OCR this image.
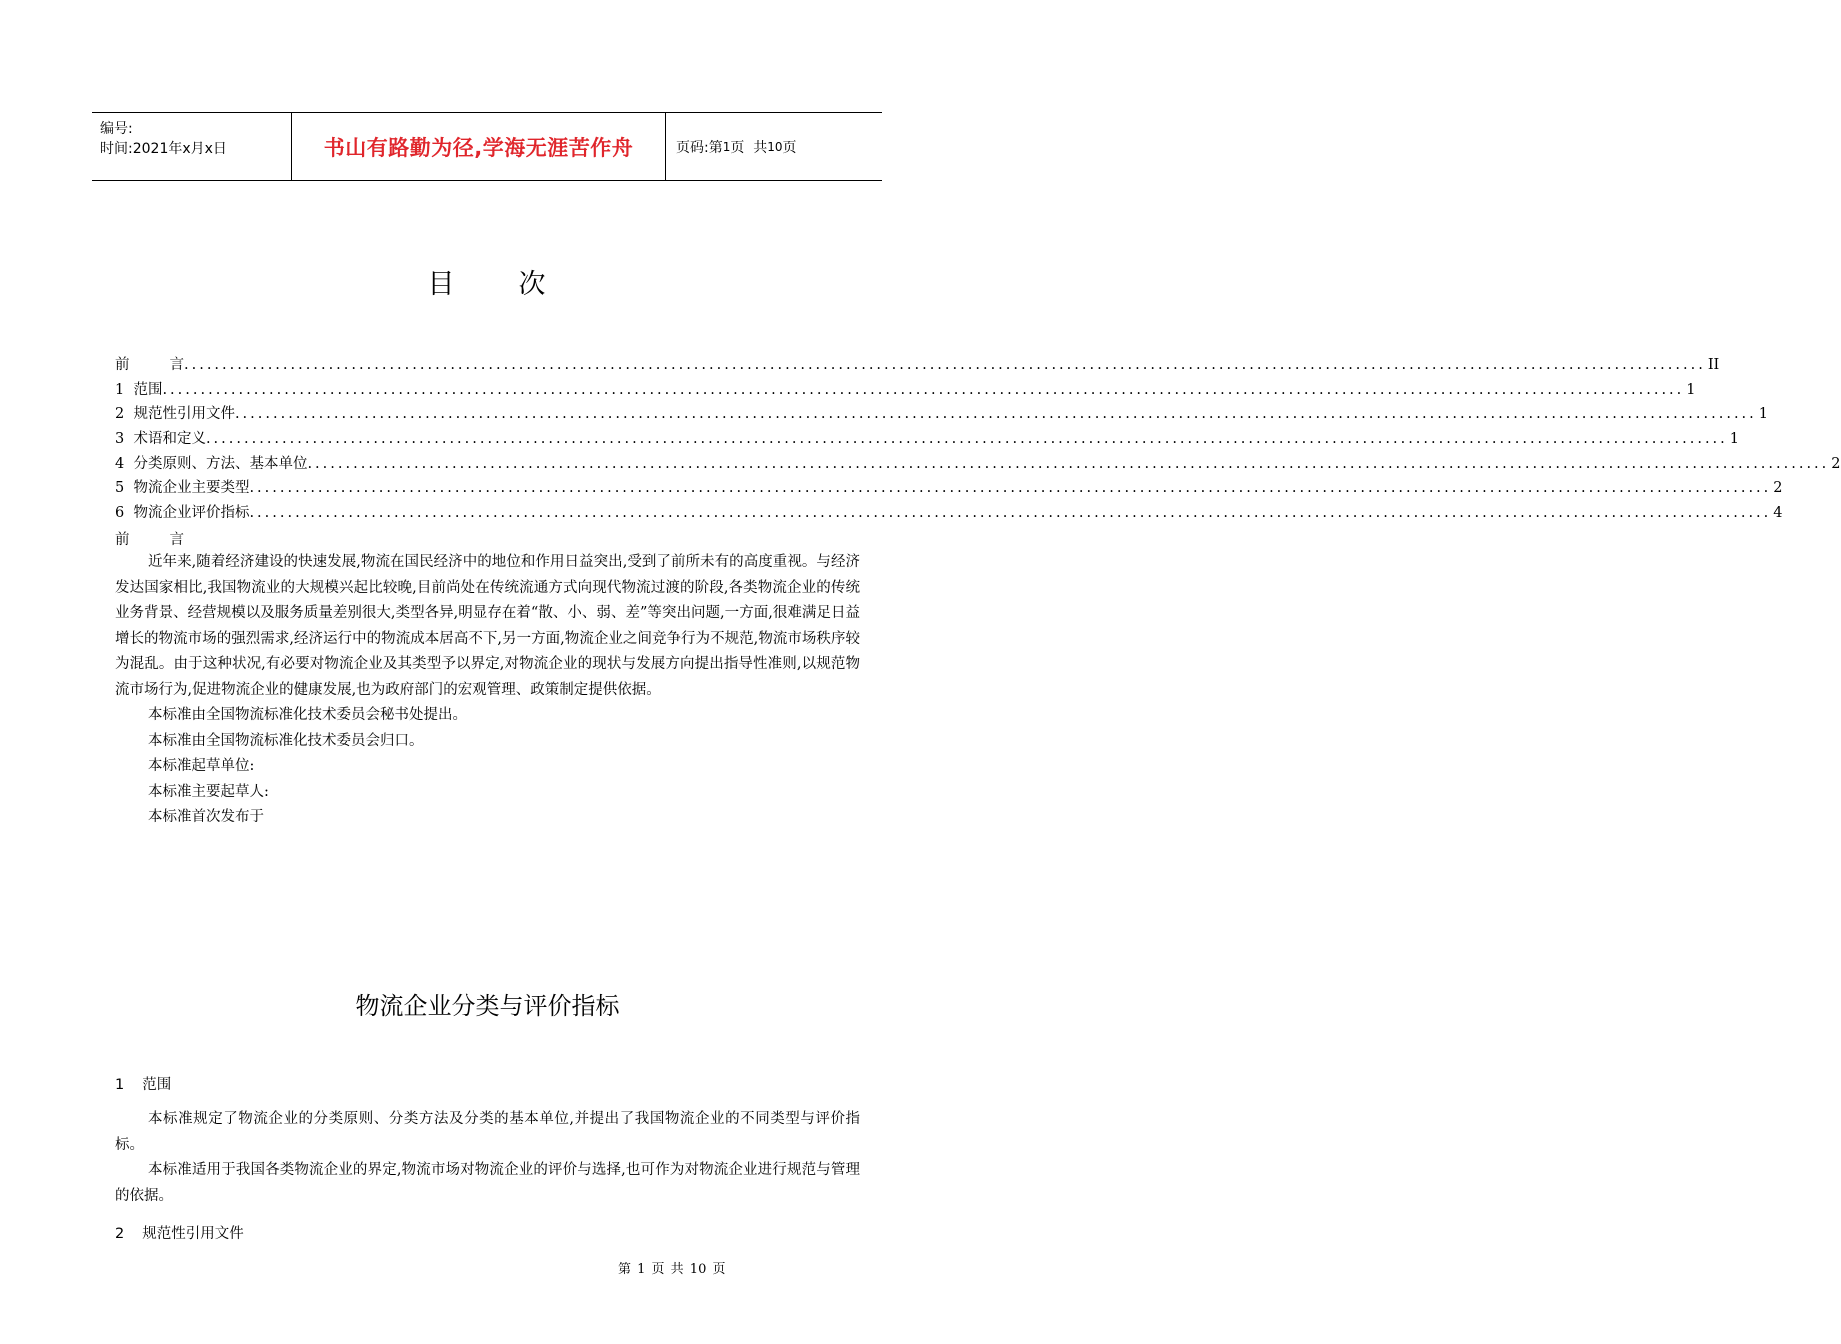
编号:
时间:2021年x月x日	书山有路勤为径,学海无涯苦作舟	页码:第 1 页  共 10 页
目 次
前	言 ........................................................................................................................................................................................................ II
1  范围 ........................................................................................................................................................................................................ 1
2  规范性引用文件 ........................................................................................................................................................................................................ 1
3  术语和定义 ........................................................................................................................................................................................................ 1
4  分类原则、方法、基本单位 ........................................................................................................................................................................................................ 2
5  物流企业主要类型 ........................................................................................................................................................................................................ 2
6  物流企业评价指标 ........................................................................................................................................................................................................ 4
前	言

近年来,随着经济建设的快速发展,物流在国民经济中的地位和作用日益突出,受到了前所未有的高度重视。与经济发达国家相比,我国物流业的大规模兴起比较晚,目前尚处在传统流通方式向现代物流过渡的阶段,各类物流企业的传统业务背景、经营规模以及服务质量差别很大,类型各异,明显存在着“散、小、弱、差”等突出问题,一方面,很难满足日益增长的物流市场的强烈需求,经济运行中的物流成本居高不下,另一方面,物流企业之间竞争行为不规范,物流市场秩序较为混乱。由于这种状况,有必要对物流企业及其类型予以界定,对物流企业的现状与发展方向提出指导性准则,以规范物流市场行为,促进物流企业的健康发展,也为政府部门的宏观管理、政策制定提供依据。

本标准由全国物流标准化技术委员会秘书处提出。

本标准由全国物流标准化技术委员会归口。

本标准起草单位:

本标准主要起草人:

本标准首次发布于

物流企业分类与评价指标
1 范围

本标准规定了物流企业的分类原则、分类方法及分类的基本单位,并提出了我国物流企业的不同类型与评价指标。

本标准适用于我国各类物流企业的界定,物流市场对物流企业的评价与选择,也可作为对物流企业进行规范与管理的依据。

2 规范性引用文件
第 1 页 共 10 页
